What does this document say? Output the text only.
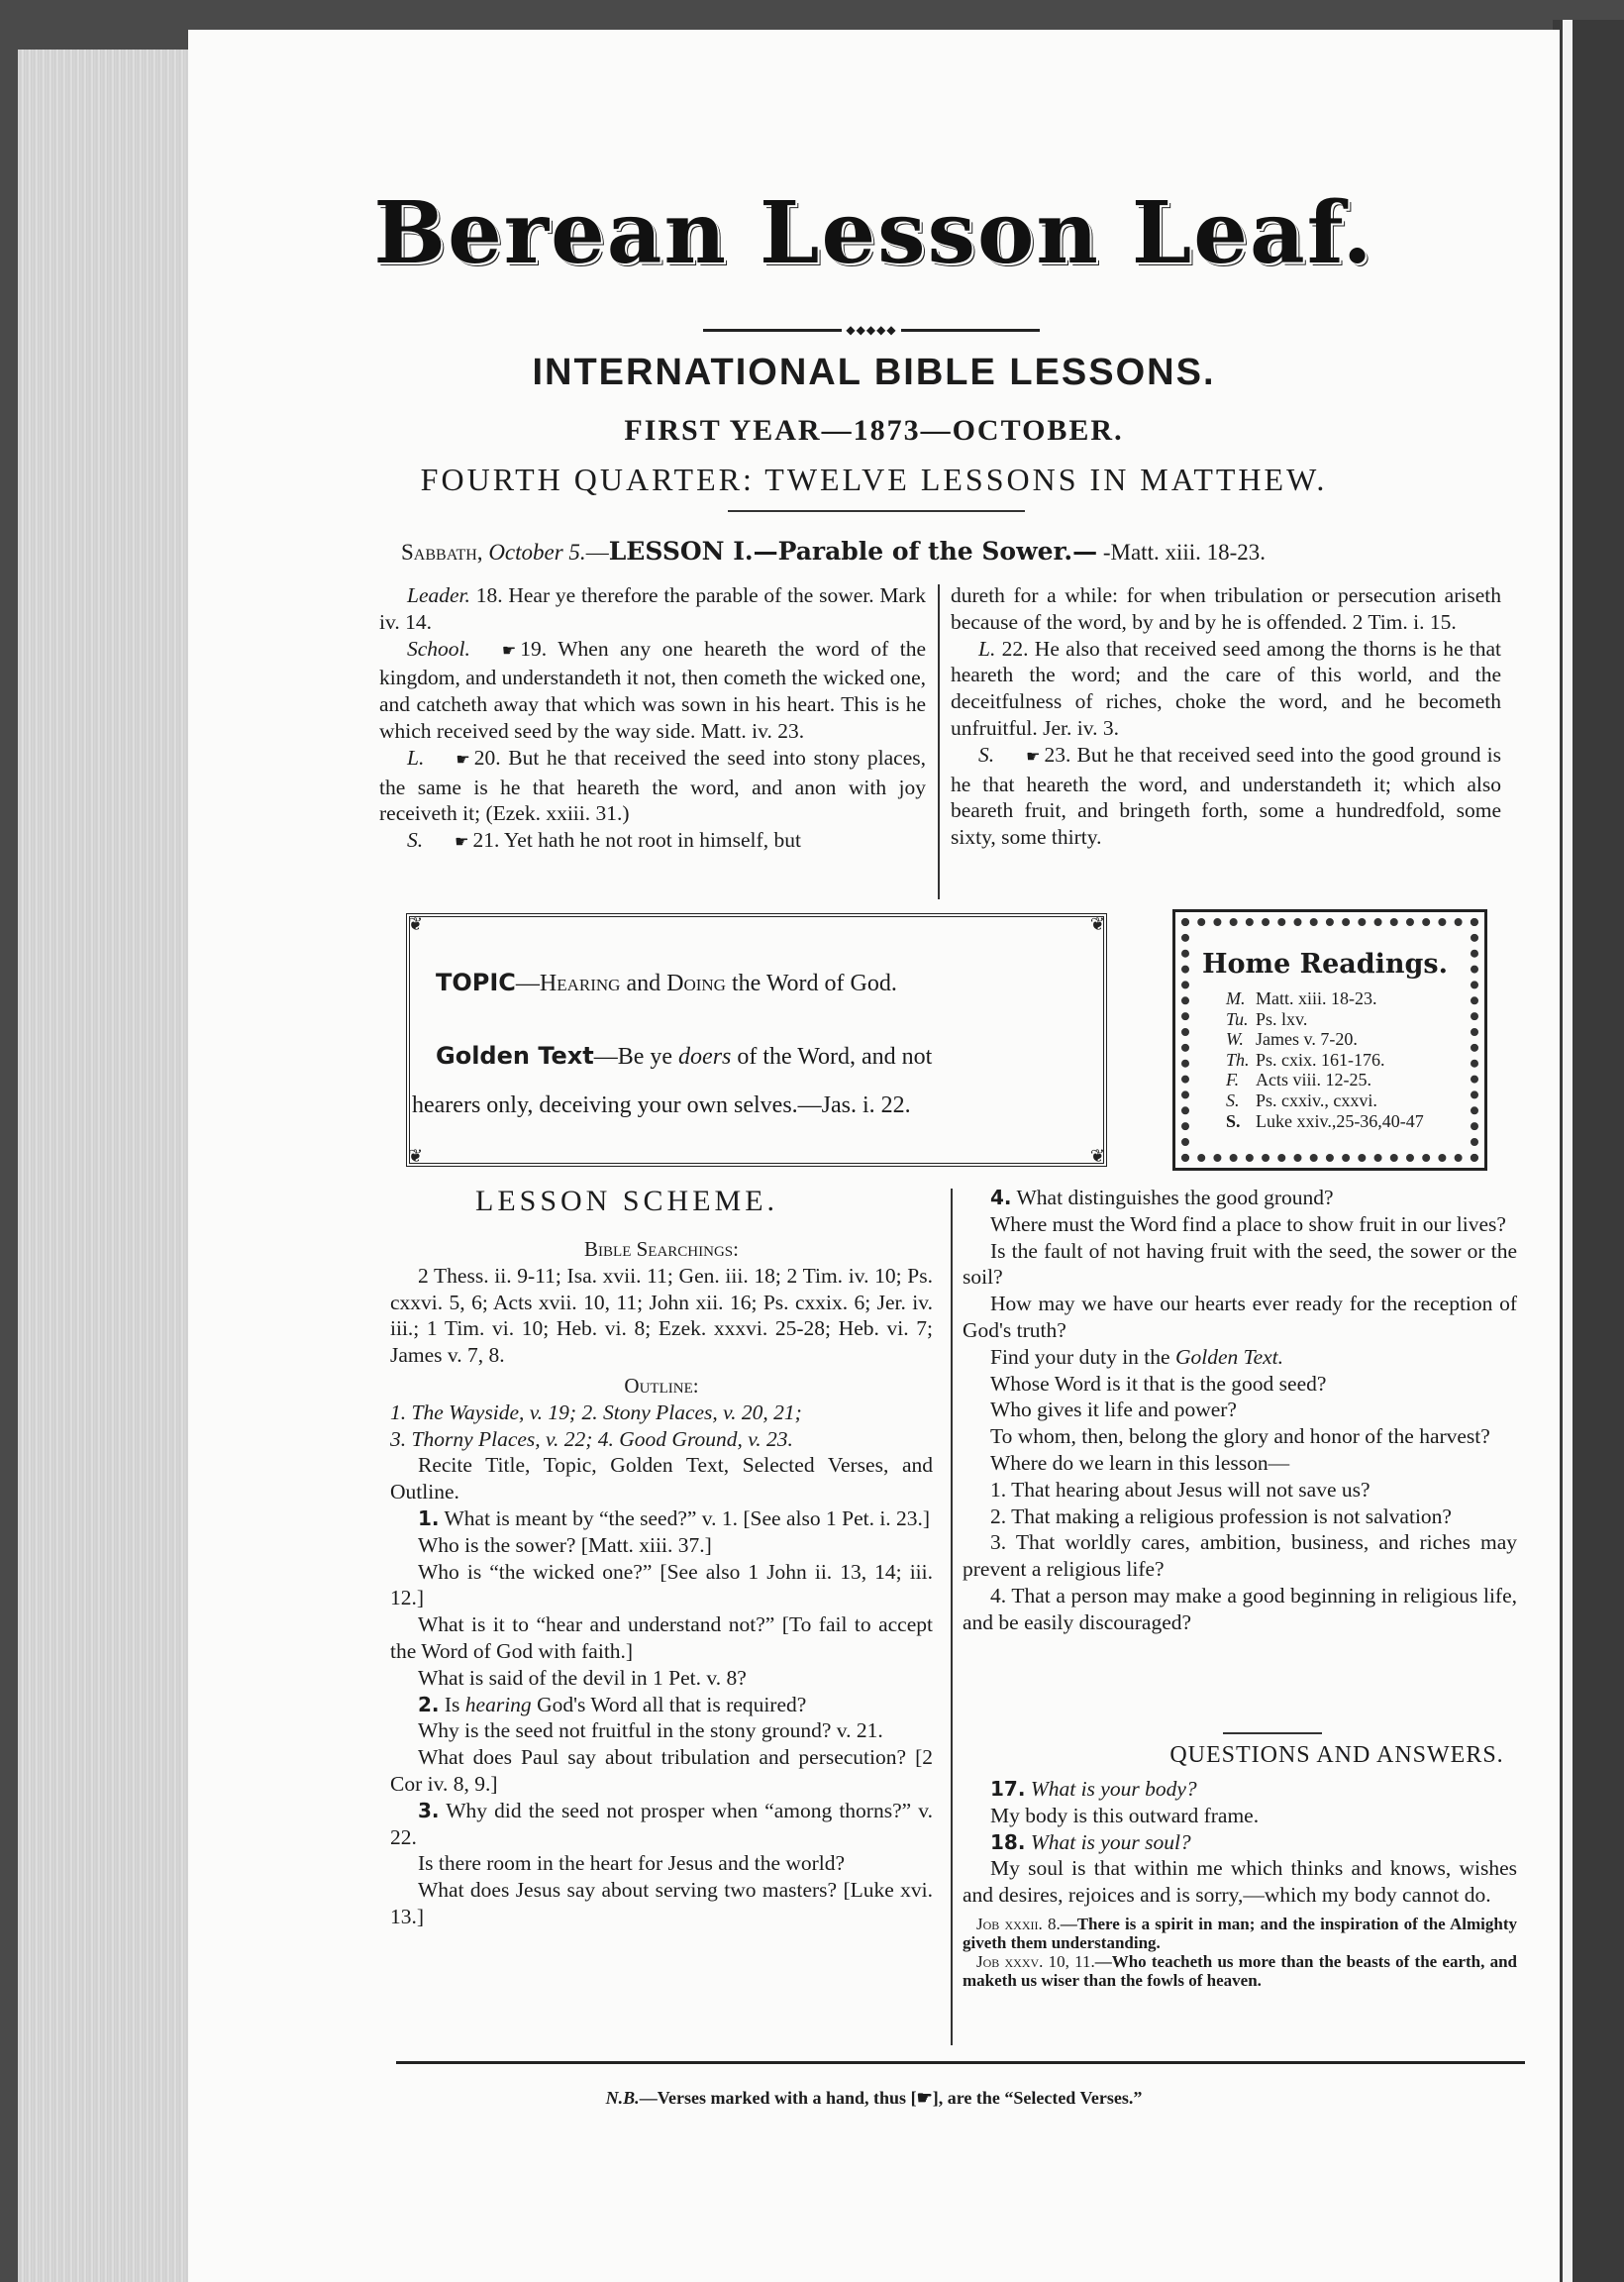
Berean Lesson Leaf.
◆◆◆◆◆
INTERNATIONAL BIBLE LESSONS.
FIRST YEAR—1873—OCTOBER.
FOURTH QUARTER: TWELVE LESSONS IN MATTHEW.
Sabbath, October 5.—LESSON I.—Parable of the Sower.— -Matt. xiii. 18-23.

Leader. 18. Hear ye therefore the parable of the sower. Mark iv. 14.

School. ☛ 19. When any one heareth the word of the kingdom, and understandeth it not, then cometh the wicked one, and catcheth away that which was sown in his heart. This is he which received seed by the way side. Matt. iv. 23.

L. ☛ 20. But he that received the seed into stony places, the same is he that heareth the word, and anon with joy receiveth it; (Ezek. xxiii. 31.)

S. ☛ 21. Yet hath he not root in himself, but

dureth for a while: for when tribulation or persecution ariseth because of the word, by and by he is offended. 2 Tim. i. 15.

L. 22. He also that received seed among the thorns is he that heareth the word; and the care of this world, and the deceitfulness of riches, choke the word, and he becometh unfruitful. Jer. iv. 3.

S. ☛ 23. But he that received seed into the good ground is he that heareth the word, and understandeth it; which also beareth fruit, and bringeth forth, some a hundredfold, some sixty, some thirty.

❦	❦
❦	❦
TOPIC—Hearing and Doing the Word of God.
Golden Text—Be ye doers of the Word, and not
hearers only, deceiving your own selves.—Jas. i. 22.
Home Readings.
M. Matt. xiii. 18-23.
Tu. Ps. lxv.
W. James v. 7-20.
Th. Ps. cxix. 161-176.
F. Acts viii. 12-25.
S. Ps. cxxiv., cxxvi.
S. Luke xxiv.,25-36,40-47
LESSON SCHEME.
Bible Searchings:

2 Thess. ii. 9-11; Isa. xvii. 11; Gen. iii. 18; 2 Tim. iv. 10; Ps. cxxvi. 5, 6; Acts xvii. 10, 11; John xii. 16; Ps. cxxix. 6; Jer. iv. iii.; 1 Tim. vi. 10; Heb. vi. 8; Ezek. xxxvi. 25-28; Heb. vi. 7; James v. 7, 8.

Outline:

1. The Wayside, v. 19; 2. Stony Places, v. 20, 21;

3. Thorny Places, v. 22; 4. Good Ground, v. 23.

Recite Title, Topic, Golden Text, Selected Verses, and Outline.

1. What is meant by “the seed?” v. 1. [See also 1 Pet. i. 23.]

Who is the sower? [Matt. xiii. 37.]

Who is “the wicked one?” [See also 1 John ii. 13, 14; iii. 12.]

What is it to “hear and understand not?” [To fail to accept the Word of God with faith.]

What is said of the devil in 1 Pet. v. 8?

2. Is hearing God's Word all that is required?

Why is the seed not fruitful in the stony ground? v. 21.

What does Paul say about tribulation and persecution? [2 Cor iv. 8, 9.]

3. Why did the seed not prosper when “among thorns?” v. 22.

Is there room in the heart for Jesus and the world?

What does Jesus say about serving two masters? [Luke xvi. 13.]

4. What distinguishes the good ground?

Where must the Word find a place to show fruit in our lives?

Is the fault of not having fruit with the seed, the sower or the soil?

How may we have our hearts ever ready for the reception of God's truth?

Find your duty in the Golden Text.

Whose Word is it that is the good seed?

Who gives it life and power?

To whom, then, belong the glory and honor of the harvest?

Where do we learn in this lesson—

1. That hearing about Jesus will not save us?

2. That making a religious profession is not salvation?

3. That worldly cares, ambition, business, and riches may prevent a religious life?

4. That a person may make a good beginning in religious life, and be easily discouraged?

QUESTIONS AND ANSWERS.

17. What is your body?

My body is this outward frame.

18. What is your soul?

My soul is that within me which thinks and knows, wishes and desires, rejoices and is sorry,—which my body cannot do.

Job xxxii. 8.—There is a spirit in man; and the inspiration of the Almighty giveth them understanding.

Job xxxv. 10, 11.—Who teacheth us more than the beasts of the earth, and maketh us wiser than the fowls of heaven.

N.B.—Verses marked with a hand, thus [☛], are the “Selected Verses.”
